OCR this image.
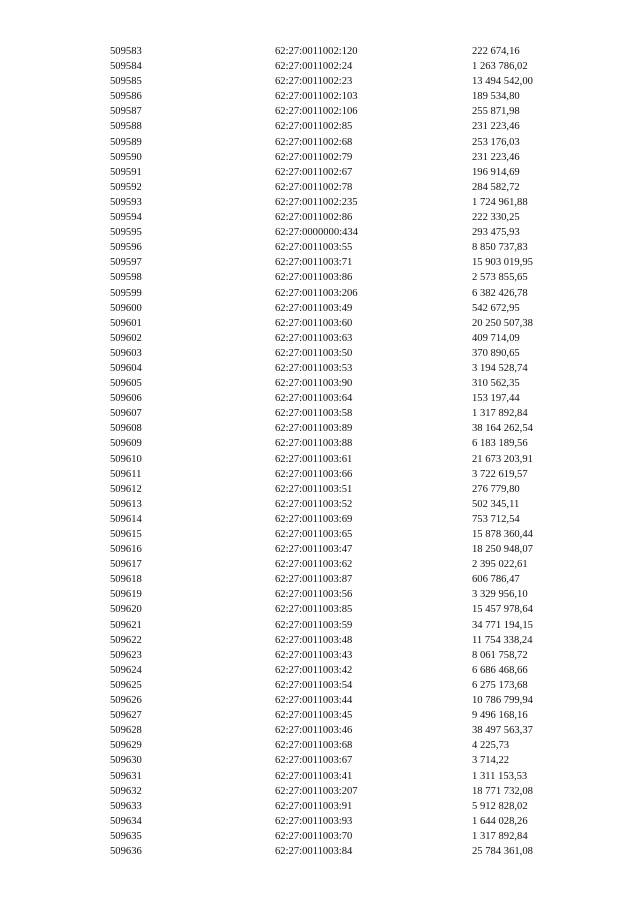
509583	62:27:0011002:120	222 674,16
509584	62:27:0011002:24	1 263 786,02
509585	62:27:0011002:23	13 494 542,00
509586	62:27:0011002:103	189 534,80
509587	62:27:0011002:106	255 871,98
509588	62:27:0011002:85	231 223,46
509589	62:27:0011002:68	253 176,03
509590	62:27:0011002:79	231 223,46
509591	62:27:0011002:67	196 914,69
509592	62:27:0011002:78	284 582,72
509593	62:27:0011002:235	1 724 961,88
509594	62:27:0011002:86	222 330,25
509595	62:27:0000000:434	293 475,93
509596	62:27:0011003:55	8 850 737,83
509597	62:27:0011003:71	15 903 019,95
509598	62:27:0011003:86	2 573 855,65
509599	62:27:0011003:206	6 382 426,78
509600	62:27:0011003:49	542 672,95
509601	62:27:0011003:60	20 250 507,38
509602	62:27:0011003:63	409 714,09
509603	62:27:0011003:50	370 890,65
509604	62:27:0011003:53	3 194 528,74
509605	62:27:0011003:90	310 562,35
509606	62:27:0011003:64	153 197,44
509607	62:27:0011003:58	1 317 892,84
509608	62:27:0011003:89	38 164 262,54
509609	62:27:0011003:88	6 183 189,56
509610	62:27:0011003:61	21 673 203,91
509611	62:27:0011003:66	3 722 619,57
509612	62:27:0011003:51	276 779,80
509613	62:27:0011003:52	502 345,11
509614	62:27:0011003:69	753 712,54
509615	62:27:0011003:65	15 878 360,44
509616	62:27:0011003:47	18 250 948,07
509617	62:27:0011003:62	2 395 022,61
509618	62:27:0011003:87	606 786,47
509619	62:27:0011003:56	3 329 956,10
509620	62:27:0011003:85	15 457 978,64
509621	62:27:0011003:59	34 771 194,15
509622	62:27:0011003:48	11 754 338,24
509623	62:27:0011003:43	8 061 758,72
509624	62:27:0011003:42	6 686 468,66
509625	62:27:0011003:54	6 275 173,68
509626	62:27:0011003:44	10 786 799,94
509627	62:27:0011003:45	9 496 168,16
509628	62:27:0011003:46	38 497 563,37
509629	62:27:0011003:68	4 225,73
509630	62:27:0011003:67	3 714,22
509631	62:27:0011003:41	1 311 153,53
509632	62:27:0011003:207	18 771 732,08
509633	62:27:0011003:91	5 912 828,02
509634	62:27:0011003:93	1 644 028,26
509635	62:27:0011003:70	1 317 892,84
509636	62:27:0011003:84	25 784 361,08
